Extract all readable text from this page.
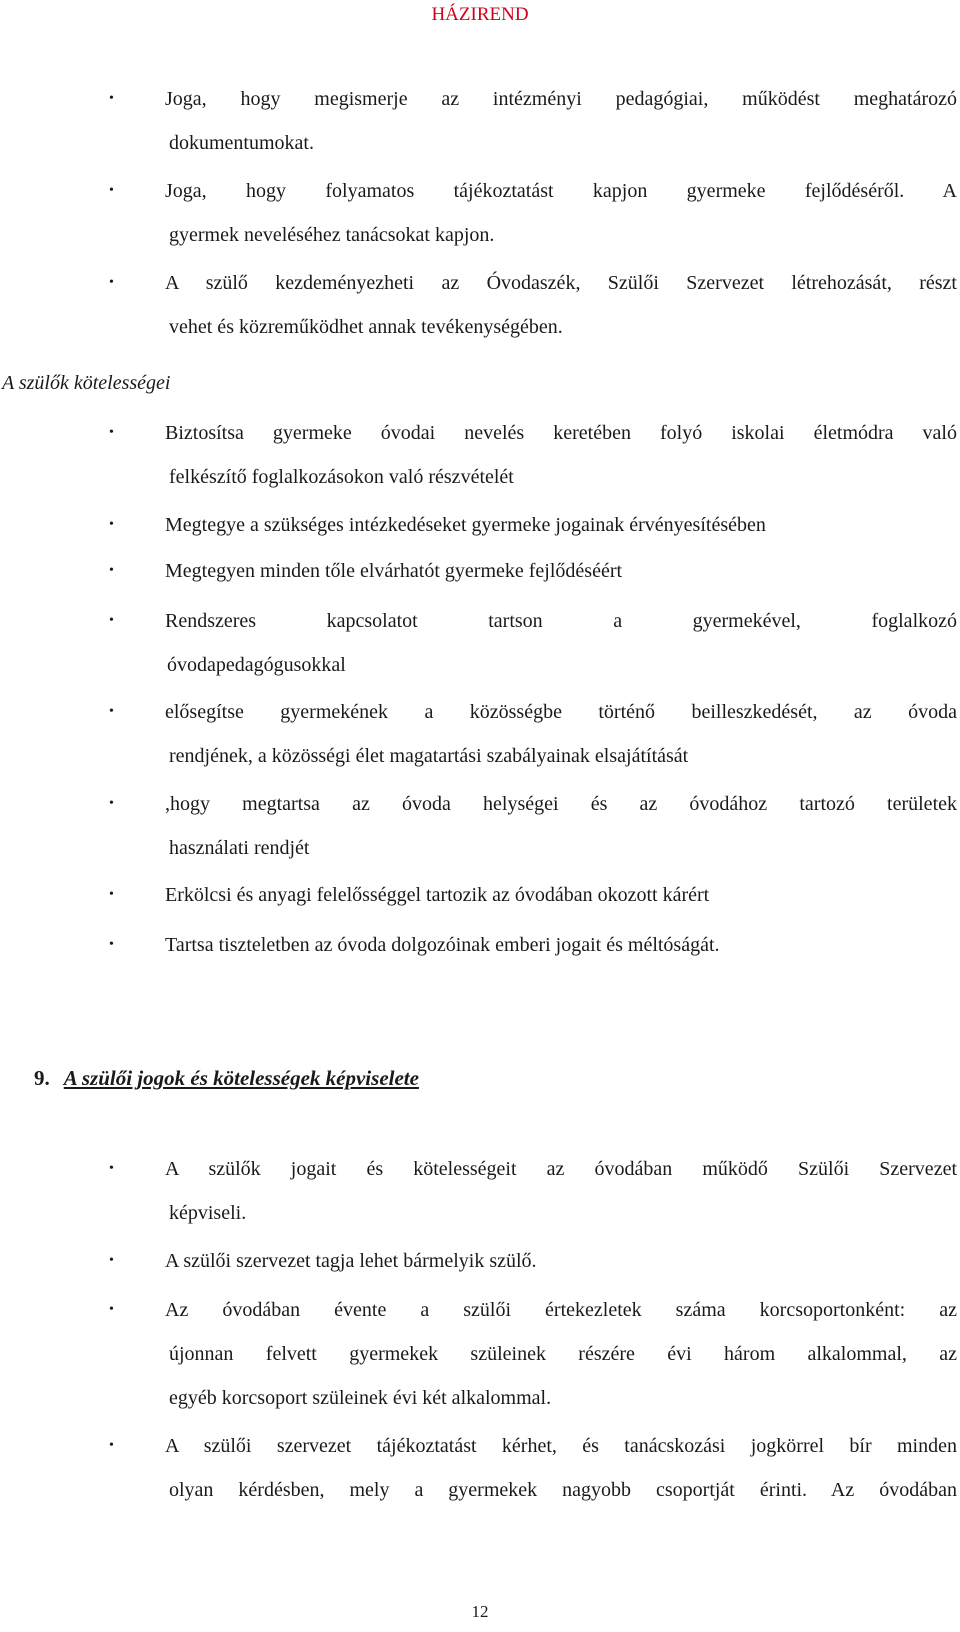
HÁZIREND
•	Joga, hogy megismerje az intézményi pedagógiai, működést meghatározó
dokumentumokat.
•	Joga, hogy folyamatos tájékoztatást kapjon gyermeke fejlődéséről. A
gyermek neveléséhez tanácsokat kapjon.
•	A szülő kezdeményezheti az Óvodaszék, Szülői Szervezet létrehozását, részt
vehet és közreműködhet annak tevékenységében.
A szülők kötelességei
•	Biztosítsa gyermeke óvodai nevelés keretében folyó iskolai életmódra való
felkészítő foglalkozásokon való részvételét
•	Megtegye a szükséges intézkedéseket gyermeke jogainak érvényesítésében
•	Megtegyen minden tőle elvárhatót gyermeke fejlődéséért
•	Rendszeres kapcsolatot tartson a gyermekével, foglalkozó
óvodapedagógusokkal
•	elősegítse gyermekének a közösségbe történő beilleszkedését, az óvoda
rendjének, a közösségi élet magatartási szabályainak elsajátítását
•	,hogy megtartsa az óvoda helységei és az óvodához tartozó területek
használati rendjét
•	Erkölcsi és anyagi felelősséggel tartozik az óvodában okozott kárért
•	Tartsa tiszteletben az óvoda dolgozóinak emberi jogait és méltóságát.
9. A szülői jogok és kötelességek képviselete
•	A szülők jogait és kötelességeit az óvodában működő Szülői Szervezet
képviseli.
•	A szülői szervezet tagja lehet bármelyik szülő.
•	Az óvodában évente a szülői értekezletek száma korcsoportonként: az
újonnan felvett gyermekek szüleinek részére évi három alkalommal, az
egyéb korcsoport szüleinek évi két alkalommal.
•	A szülői szervezet tájékoztatást kérhet, és tanácskozási jogkörrel bír minden
olyan kérdésben, mely a gyermekek nagyobb csoportját érinti. Az óvodában
12
